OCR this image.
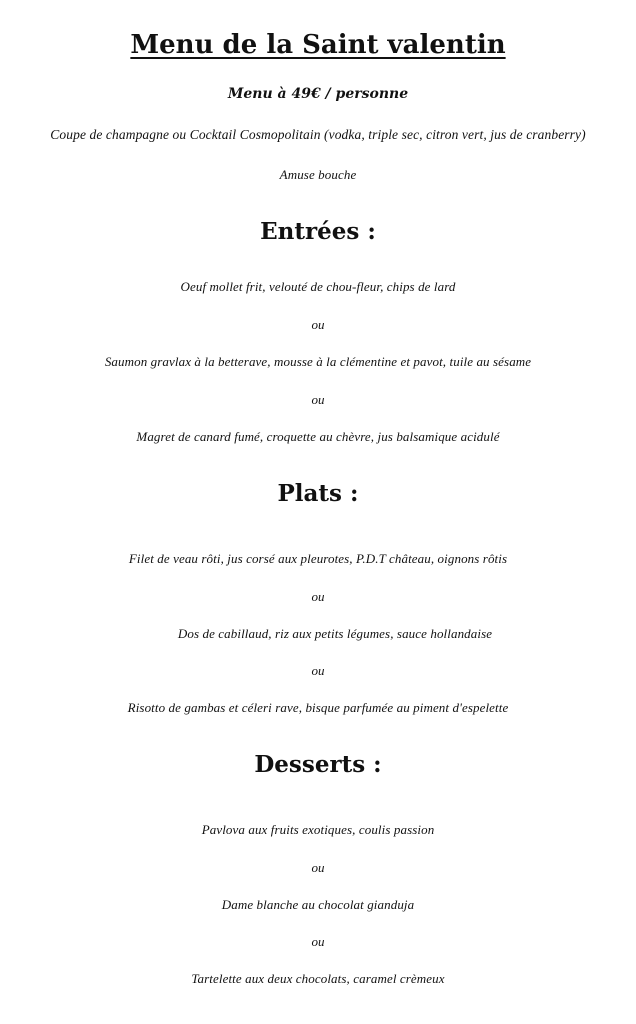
Menu de la Saint valentin
Menu à 49€ / personne
Coupe de champagne ou Cocktail Cosmopolitain (vodka, triple sec, citron vert, jus de cranberry)
Amuse bouche
Entrées :
Oeuf mollet frit, velouté de chou-fleur, chips de lard
ou
Saumon gravlax à la betterave, mousse à la clémentine et pavot, tuile au sésame
ou
Magret de canard fumé, croquette au chèvre, jus balsamique acidulé
Plats :
Filet de veau rôti, jus corsé aux pleurotes, P.D.T château, oignons rôtis
ou
Dos de cabillaud, riz aux petits légumes, sauce hollandaise
ou
Risotto de gambas et céleri rave, bisque parfumée au piment d'espelette
Desserts :
Pavlova aux fruits exotiques, coulis passion
ou
Dame blanche au chocolat gianduja
ou
Tartelette aux deux chocolats, caramel crèmeux
